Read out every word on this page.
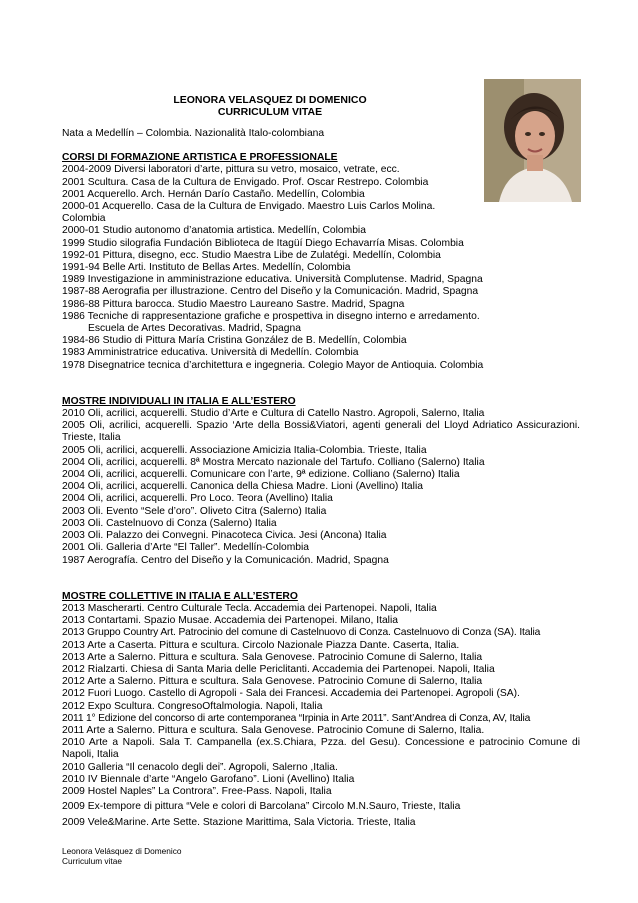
LEONORA VELASQUEZ DI DOMENICO
CURRICULUM VITAE
Nata a Medellín – Colombia. Nazionalità Italo-colombiana
CORSI DI FORMAZIONE ARTISTICA E PROFESSIONALE
2004-2009 Diversi laboratori d’arte, pittura su vetro, mosaico, vetrate, ecc.
2001 Scultura. Casa de la Cultura de Envigado. Prof. Oscar Restrepo. Colombia
2001 Acquerello. Arch. Hernán Darío Castaño. Medellín, Colombia
2000-01 Acquerello. Casa de la Cultura de Envigado. Maestro Luis Carlos Molina.
Colombia
2000-01 Studio autonomo d’anatomia artistica. Medellín, Colombia
1999 Studio silografia Fundación Biblioteca de Itagüí Diego Echavarría Misas. Colombia
1992-01 Pittura, disegno, ecc. Studio Maestra Libe de Zulatégi. Medellín, Colombia
1991-94 Belle Arti. Instituto de Bellas Artes. Medellín, Colombia
1989 Investigazione in amministrazione educativa. Università Complutense. Madrid, Spagna
1987-88 Aerografia per illustrazione. Centro del Diseño y la Comunicación. Madrid, Spagna
1986-88 Pittura barocca. Studio Maestro Laureano Sastre. Madrid, Spagna
1986 Tecniche di rappresentazione grafiche e prospettiva in disegno interno e arredamento.
Escuela de Artes Decorativas. Madrid, Spagna
1984-86 Studio di Pittura María Cristina González de B. Medellín, Colombia
1983 Amministratrice educativa. Università di Medellín. Colombia
1978 Disegnatrice tecnica d’architettura e ingegneria. Colegio Mayor de Antioquia. Colombia
MOSTRE INDIVIDUALI IN ITALIA E ALL’ESTERO
2010 Oli, acrilici, acquerelli. Studio d’Arte e Cultura di Catello Nastro. Agropoli, Salerno, Italia
2005 Oli, acrilici, acquerelli. Spazio ‘Arte della Bossi&Viatori, agenti generali del Lloyd Adriatico Assicurazioni. Trieste, Italia
2005 Oli, acrilici, acquerelli. Associazione Amicizia Italia-Colombia. Trieste, Italia
2004 Oli, acrilici, acquerelli. 8ª Mostra Mercato nazionale del Tartufo. Colliano (Salerno) Italia
2004 Oli, acrilici, acquerelli. Comunicare con l’arte, 9ª edizione. Colliano (Salerno) Italia
2004 Oli, acrilici, acquerelli. Canonica della Chiesa Madre. Lioni (Avellino) Italia
2004 Oli, acrilici, acquerelli. Pro Loco. Teora (Avellino) Italia
2003 Oli. Evento “Sele d’oro”. Oliveto Citra (Salerno) Italia
2003 Oli. Castelnuovo di Conza (Salerno) Italia
2003 Oli. Palazzo dei Convegni. Pinacoteca Civica. Jesi (Ancona) Italia
2001 Oli. Galleria d’Arte “El Taller”. Medellín-Colombia
1987 Aerografía. Centro del Diseño y la Comunicación. Madrid, Spagna
MOSTRE COLLETTIVE IN ITALIA E ALL’ESTERO
2013 Mascherarti. Centro Culturale Tecla. Accademia dei Partenopei. Napoli, Italia
2013 Contartami. Spazio Musae. Accademia dei Partenopei. Milano, Italia
2013 Gruppo Country Art. Patrocinio del comune di Castelnuovo di Conza. Castelnuovo di Conza (SA). Italia
2013 Arte a Caserta. Pittura e scultura. Circolo Nazionale Piazza Dante. Caserta, Italia.
2013 Arte a Salerno. Pittura e scultura. Sala Genovese. Patrocinio Comune di Salerno, Italia
2012 Rialzarti. Chiesa di Santa Maria delle Periclitanti. Accademia dei Partenopei. Napoli, Italia
2012 Arte a Salerno. Pittura e scultura. Sala Genovese. Patrocinio Comune di Salerno, Italia
2012 Fuori Luogo. Castello di Agropoli - Sala dei Francesi. Accademia dei Partenopei. Agropoli (SA).
2012 Expo Scultura. CongresoOftalmologia. Napoli, Italia
2011 1° Edizione del concorso di arte contemporanea “Irpinia in Arte 2011”. Sant’Andrea di Conza, AV, Italia
2011 Arte a Salerno. Pittura e scultura. Sala Genovese. Patrocinio Comune di Salerno, Italia.
2010 Arte a Napoli. Sala T. Campanella (ex.S.Chiara, Pzza. del Gesu). Concessione e patrocinio Comune di Napoli, Italia
2010 Galleria “Il cenacolo degli dei”. Agropoli, Salerno ,Italia.
2010 IV Biennale d’arte “Angelo Garofano”. Lioni (Avellino) Italia
2009 Hostel Naples” La Controra”. Free-Pass. Napoli, Italia
2009 Ex-tempore di pittura “Vele e colori di Barcolana” Circolo M.N.Sauro, Trieste, Italia
2009 Vele&Marine. Arte Sette. Stazione Marittima, Sala Victoria. Trieste, Italia
Leonora Velásquez di Domenico
Curriculum vitae
